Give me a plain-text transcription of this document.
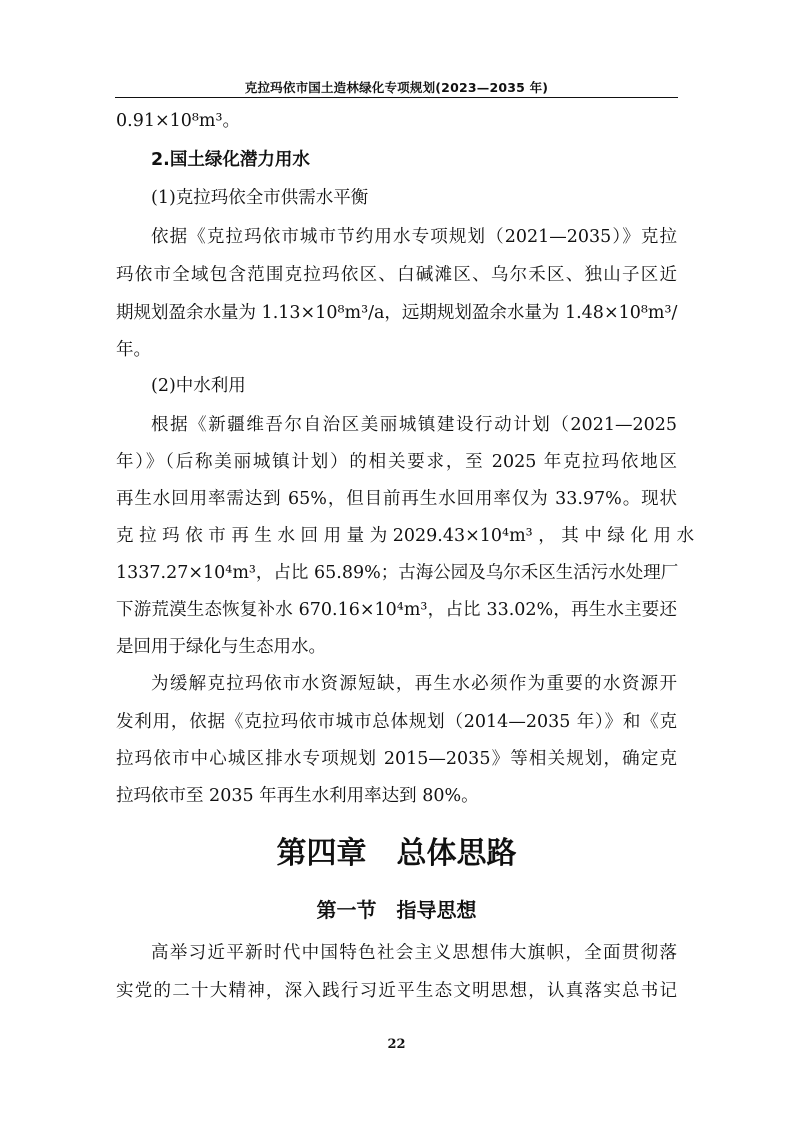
克拉玛依市国土造林绿化专项规划(2023—2035 年)
0.91×10⁸m³。
2.国土绿化潜力用水
(1)克拉玛依全市供需水平衡
依据《克拉玛依市城市节约用水专项规划（2021—2035）》克拉
玛依市全域包含范围克拉玛依区、白碱滩区、乌尔禾区、独山子区近
期规划盈余水量为 1.13×10⁸m³/a，远期规划盈余水量为 1.48×10⁸m³/
年。
(2)中水利用
根据《新疆维吾尔自治区美丽城镇建设行动计划（2021—2025
年）》（后称美丽城镇计划）的相关要求，至 2025 年克拉玛依地区
再生水回用率需达到 65%，但目前再生水回用率仅为 33.97%。现状
克 拉 玛 依 市 再 生 水 回 用 量 为 2029.43×10⁴m³ ， 其 中 绿 化 用 水
1337.27×10⁴m³，占比 65.89%；古海公园及乌尔禾区生活污水处理厂
下游荒漠生态恢复补水 670.16×10⁴m³，占比 33.02%，再生水主要还
是回用于绿化与生态用水。
为缓解克拉玛依市水资源短缺，再生水必须作为重要的水资源开
发利用，依据《克拉玛依市城市总体规划（2014—2035 年）》和《克
拉玛依市中心城区排水专项规划 2015—2035》等相关规划，确定克
拉玛依市至 2035 年再生水利用率达到 80%。
第四章　总体思路
第一节　指导思想
高举习近平新时代中国特色社会主义思想伟大旗帜，全面贯彻落
实党的二十大精神，深入践行习近平生态文明思想，认真落实总书记
22
